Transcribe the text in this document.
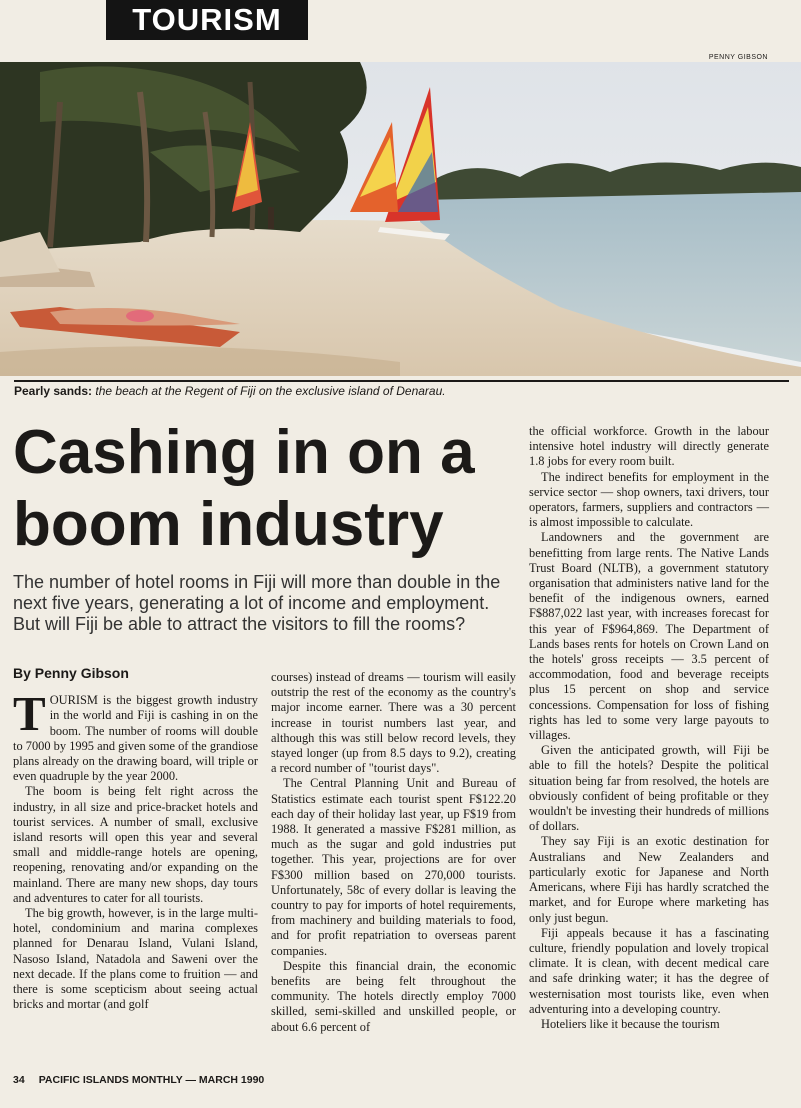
TOURISM
PENNY GIBSON
Pearly sands: the beach at the Regent of Fiji on the exclusive island of Denarau.
Cashing in on a boom industry

The number of hotel rooms in Fiji will more than double in the next five years, generating a lot of income and employment. But will Fiji be able to attract the visitors to fill the rooms?

By Penny Gibson

TOURISM is the biggest growth industry in the world and Fiji is cashing in on the boom. The number of rooms will double to 7000 by 1995 and given some of the grandiose plans already on the drawing board, will triple or even quadruple by the year 2000.

The boom is being felt right across the industry, in all size and price-bracket hotels and tourist services. A number of small, exclusive island resorts will open this year and several small and middle-range hotels are opening, reopening, renovating and/or expanding on the mainland. There are many new shops, day tours and adventures to cater for all tourists.

The big growth, however, is in the large multi-hotel, condominium and marina complexes planned for Denarau Island, Vulani Island, Nasoso Island, Natadola and Saweni over the next decade. If the plans come to fruition — and there is some scepticism about seeing actual bricks and mortar (and golf

courses) instead of dreams — tourism will easily outstrip the rest of the economy as the country's major income earner. There was a 30 percent increase in tourist numbers last year, and although this was still below record levels, they stayed longer (up from 8.5 days to 9.2), creating a record number of "tourist days".

The Central Planning Unit and Bureau of Statistics estimate each tourist spent F$122.20 each day of their holiday last year, up F$19 from 1988. It generated a massive F$281 million, as much as the sugar and gold industries put together. This year, projections are for over F$300 million based on 270,000 tourists. Unfortunately, 58c of every dollar is leaving the country to pay for imports of hotel requirements, from machinery and building materials to food, and for profit repatriation to overseas parent companies.

Despite this financial drain, the economic benefits are being felt throughout the community. The hotels directly employ 7000 skilled, semi-skilled and unskilled people, or about 6.6 percent of

the official workforce. Growth in the labour intensive hotel industry will directly generate 1.8 jobs for every room built.

The indirect benefits for employment in the service sector — shop owners, taxi drivers, tour operators, farmers, suppliers and contractors — is almost impossible to calculate.

Landowners and the government are benefitting from large rents. The Native Lands Trust Board (NLTB), a government statutory organisation that administers native land for the benefit of the indigenous owners, earned F$887,022 last year, with increases forecast for this year of F$964,869. The Department of Lands bases rents for hotels on Crown Land on the hotels' gross receipts — 3.5 percent of accommodation, food and beverage receipts plus 15 percent on shop and service concessions. Compensation for loss of fishing rights has led to some very large payouts to villages.

Given the anticipated growth, will Fiji be able to fill the hotels? Despite the political situation being far from resolved, the hotels are obviously confident of being profitable or they wouldn't be investing their hundreds of millions of dollars.

They say Fiji is an exotic destination for Australians and New Zealanders and particularly exotic for Japanese and North Americans, where Fiji has hardly scratched the market, and for Europe where marketing has only just begun.

Fiji appeals because it has a fascinating culture, friendly population and lovely tropical climate. It is clean, with decent medical care and safe drinking water; it has the degree of westernisation most tourists like, even when adventuring into a developing country.

Hoteliers like it because the tourism

34 PACIFIC ISLANDS MONTHLY — MARCH 1990
